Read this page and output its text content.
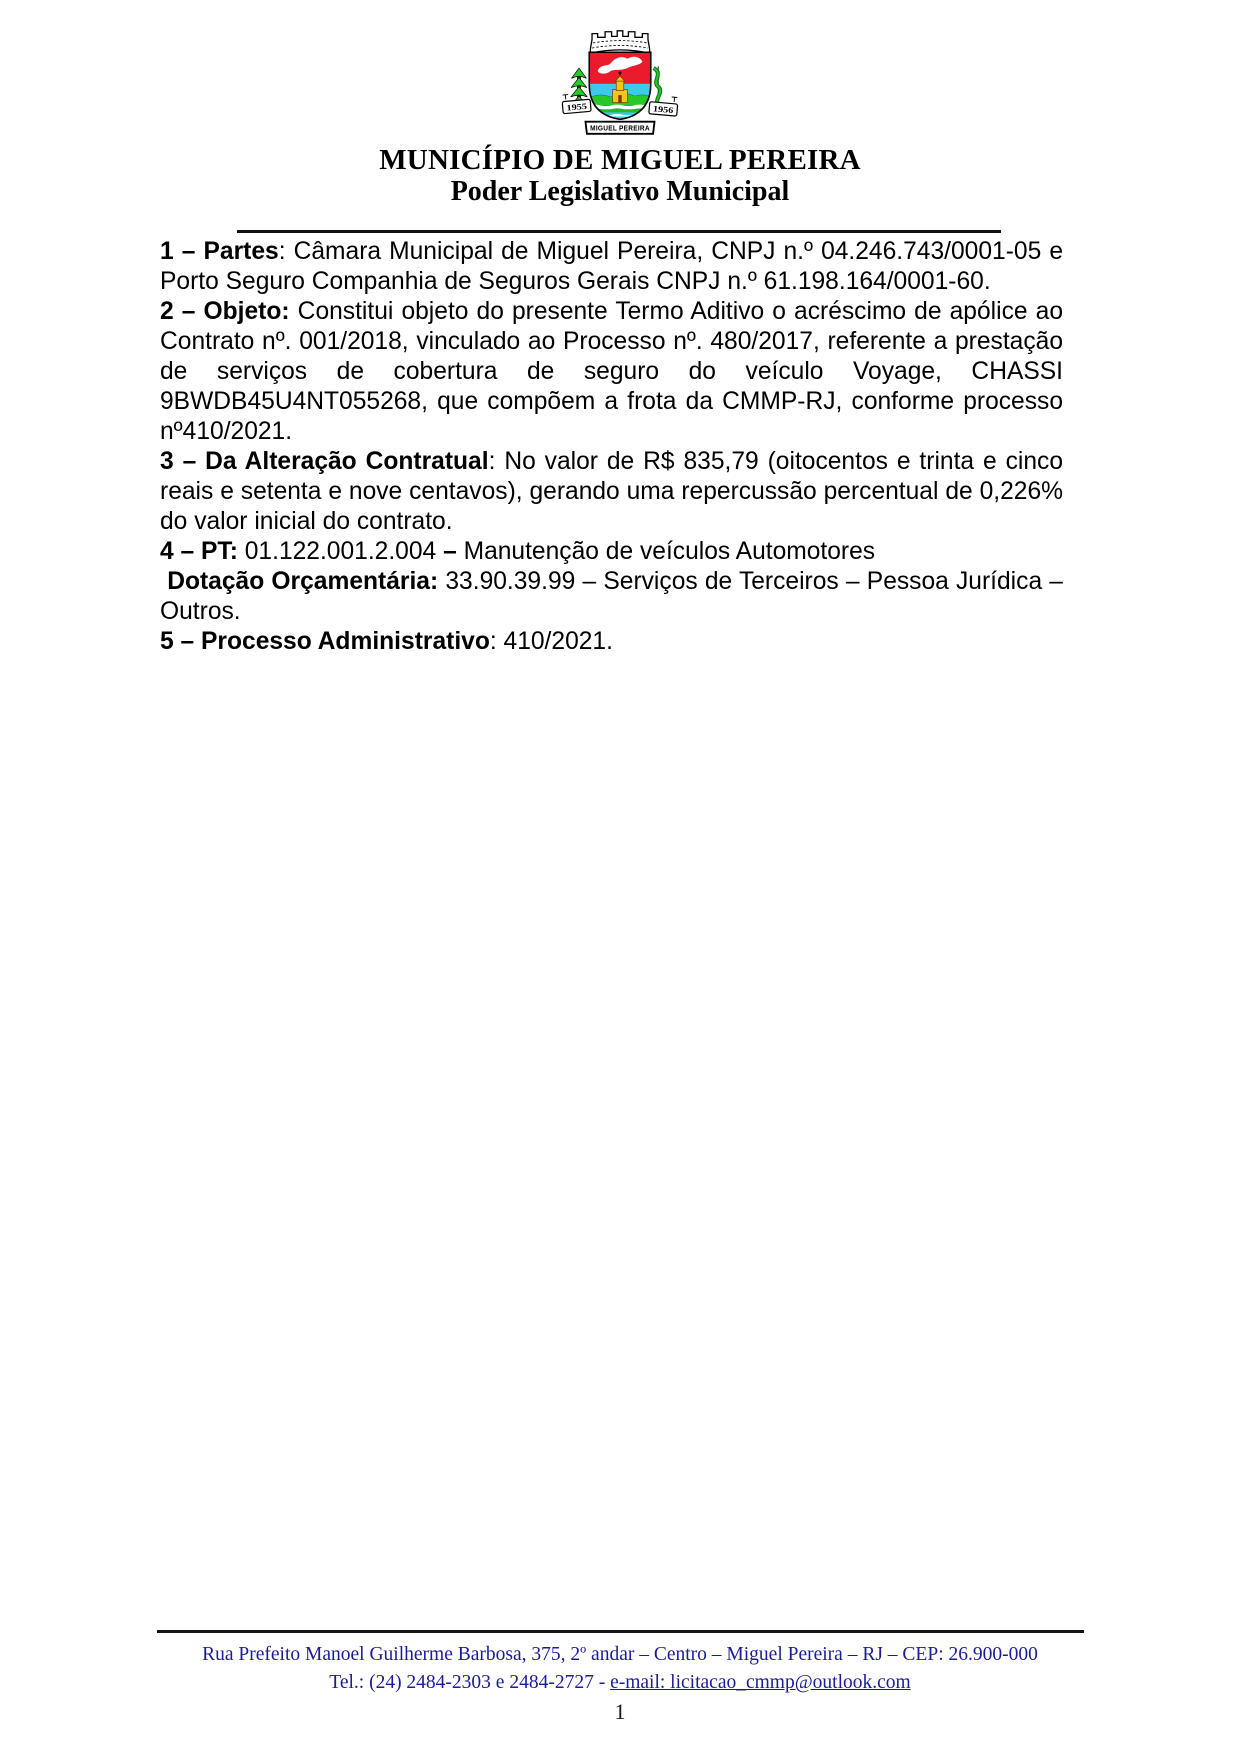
1955	1956
MIGUEL PEREIRA
MUNICÍPIO DE MIGUEL PEREIRA
Poder Legislativo Municipal

1 – Partes: Câmara Municipal de Miguel Pereira, CNPJ n.º 04.246.743/0001-05 e Porto Seguro Companhia de Seguros Gerais CNPJ n.º 61.198.164/0001-60.

2 – Objeto: Constitui objeto do presente Termo Aditivo o acréscimo de apólice ao Contrato nº. 001/2018, vinculado ao Processo nº. 480/2017, referente a prestação de serviços de cobertura de seguro do veículo Voyage, CHASSI 9BWDB45U4NT055268, que compõem a frota da CMMP-RJ, conforme processo nº410/2021.

3 – Da Alteração Contratual: No valor de R$ 835,79 (oitocentos e trinta e cinco reais e setenta e nove centavos), gerando uma repercussão percentual de 0,226% do valor inicial do contrato.

4 – PT: 01.122.001.2.004 – Manutenção de veículos Automotores

Dotação Orçamentária: 33.90.39.99 – Serviços de Terceiros – Pessoa Jurídica – Outros.

5 – Processo Administrativo: 410/2021.

Rua Prefeito Manoel Guilherme Barbosa, 375, 2º andar – Centro – Miguel Pereira – RJ – CEP: 26.900-000
Tel.: (24) 2484-2303 e 2484-2727 - e-mail: licitacao_cmmp@outlook.com
1
